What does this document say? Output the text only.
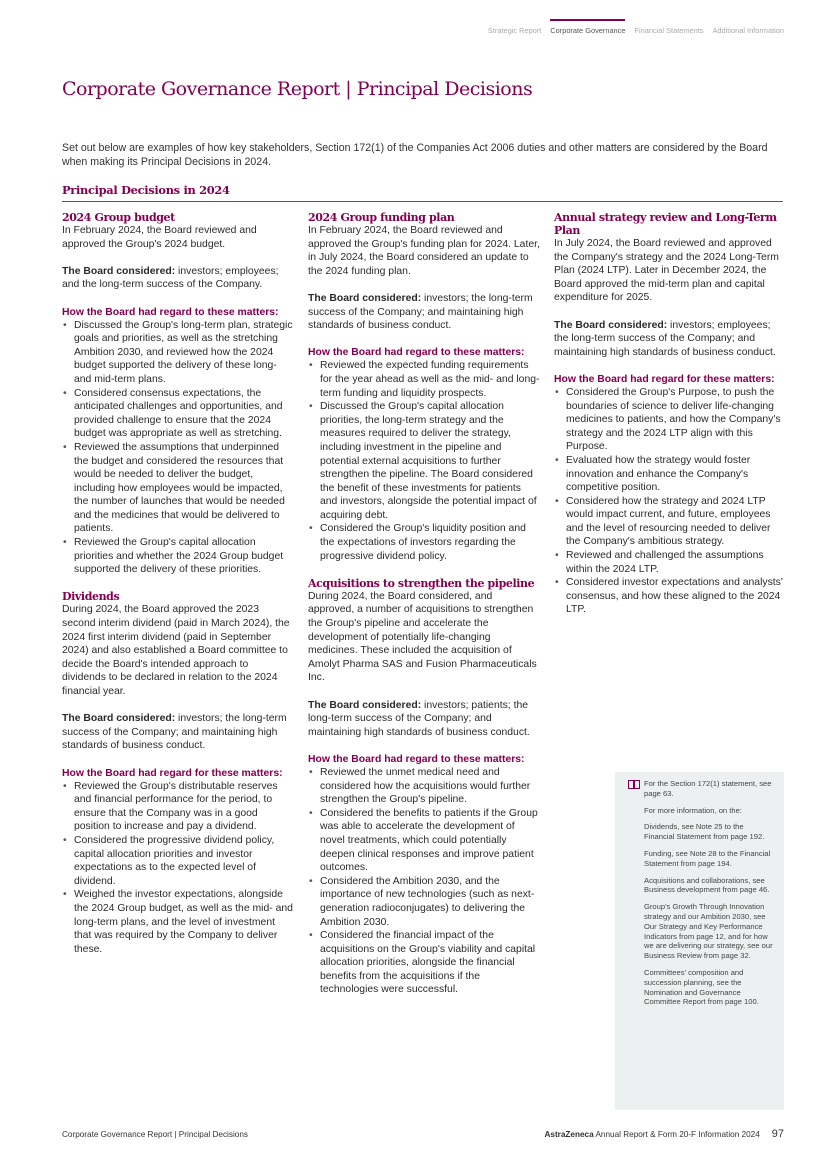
Strategic Report Corporate Governance Financial Statements Additional Information
Corporate Governance Report | Principal Decisions
Set out below are examples of how key stakeholders, Section 172(1) of the Companies Act 2006 duties and other matters are considered by the Board when making its Principal Decisions in 2024.
Principal Decisions in 2024
2024 Group budget

In February 2024, the Board reviewed and approved the Group's 2024 budget.

The Board considered: investors; employees; and the long-term success of the Company.

How the Board had regard to these matters:
• Discussed the Group's long-term plan, strategic goals and priorities, as well as the stretching Ambition 2030, and reviewed how the 2024 budget supported the delivery of these long- and mid-term plans.
• Considered consensus expectations, the anticipated challenges and opportunities, and provided challenge to ensure that the 2024 budget was appropriate as well as stretching.
• Reviewed the assumptions that underpinned the budget and considered the resources that would be needed to deliver the budget, including how employees would be impacted, the number of launches that would be needed and the medicines that would be delivered to patients.
• Reviewed the Group's capital allocation priorities and whether the 2024 Group budget supported the delivery of these priorities.
Dividends

During 2024, the Board approved the 2023 second interim dividend (paid in March 2024), the 2024 first interim dividend (paid in September 2024) and also established a Board committee to decide the Board's intended approach to dividends to be declared in relation to the 2024 financial year.

The Board considered: investors; the long-term success of the Company; and maintaining high standards of business conduct.

How the Board had regard for these matters:
• Reviewed the Group's distributable reserves and financial performance for the period, to ensure that the Company was in a good position to increase and pay a dividend.
• Considered the progressive dividend policy, capital allocation priorities and investor expectations as to the expected level of dividend.
• Weighed the investor expectations, alongside the 2024 Group budget, as well as the mid- and long-term plans, and the level of investment that was required by the Company to deliver these.
2024 Group funding plan

In February 2024, the Board reviewed and approved the Group's funding plan for 2024. Later, in July 2024, the Board considered an update to the 2024 funding plan.

The Board considered: investors; the long-term success of the Company; and maintaining high standards of business conduct.

How the Board had regard to these matters:
• Reviewed the expected funding requirements for the year ahead as well as the mid- and long-term funding and liquidity prospects.
• Discussed the Group's capital allocation priorities, the long-term strategy and the measures required to deliver the strategy, including investment in the pipeline and potential external acquisitions to further strengthen the pipeline. The Board considered the benefit of these investments for patients and investors, alongside the potential impact of acquiring debt.
• Considered the Group's liquidity position and the expectations of investors regarding the progressive dividend policy.
Acquisitions to strengthen the pipeline

During 2024, the Board considered, and approved, a number of acquisitions to strengthen the Group's pipeline and accelerate the development of potentially life-changing medicines. These included the acquisition of Amolyt Pharma SAS and Fusion Pharmaceuticals Inc.

The Board considered: investors; patients; the long-term success of the Company; and maintaining high standards of business conduct.

How the Board had regard to these matters:
• Reviewed the unmet medical need and considered how the acquisitions would further strengthen the Group's pipeline.
• Considered the benefits to patients if the Group was able to accelerate the development of novel treatments, which could potentially deepen clinical responses and improve patient outcomes.
• Considered the Ambition 2030, and the importance of new technologies (such as next-generation radioconjugates) to delivering the Ambition 2030.
• Considered the financial impact of the acquisitions on the Group's viability and capital allocation priorities, alongside the financial benefits from the acquisitions if the technologies were successful.
Annual strategy review and Long-Term Plan

In July 2024, the Board reviewed and approved the Company's strategy and the 2024 Long-Term Plan (2024 LTP). Later in December 2024, the Board approved the mid-term plan and capital expenditure for 2025.

The Board considered: investors; employees; the long-term success of the Company; and maintaining high standards of business conduct.

How the Board had regard for these matters:
• Considered the Group's Purpose, to push the boundaries of science to deliver life-changing medicines to patients, and how the Company's strategy and the 2024 LTP align with this Purpose.
• Evaluated how the strategy would foster innovation and enhance the Company's competitive position.
• Considered how the strategy and 2024 LTP would impact current, and future, employees and the level of resourcing needed to deliver the Company's ambitious strategy.
• Reviewed and challenged the assumptions within the 2024 LTP.
• Considered investor expectations and analysts' consensus, and how these aligned to the 2024 LTP.

For the Section 172(1) statement, see page 63.

For more information, on the:

Dividends, see Note 25 to the Financial Statement from page 192.

Funding, see Note 28 to the Financial Statement from page 194.

Acquisitions and collaborations, see Business development from page 46.

Group's Growth Through Innovation strategy and our Ambition 2030, see Our Strategy and Key Performance Indicators from page 12, and for how we are delivering our strategy, see our Business Review from page 32.

Committees' composition and succession planning, see the Nomination and Governance Committee Report from page 100.

Corporate Governance Report | Principal Decisions	AstraZeneca Annual Report & Form 20-F Information 2024 97
